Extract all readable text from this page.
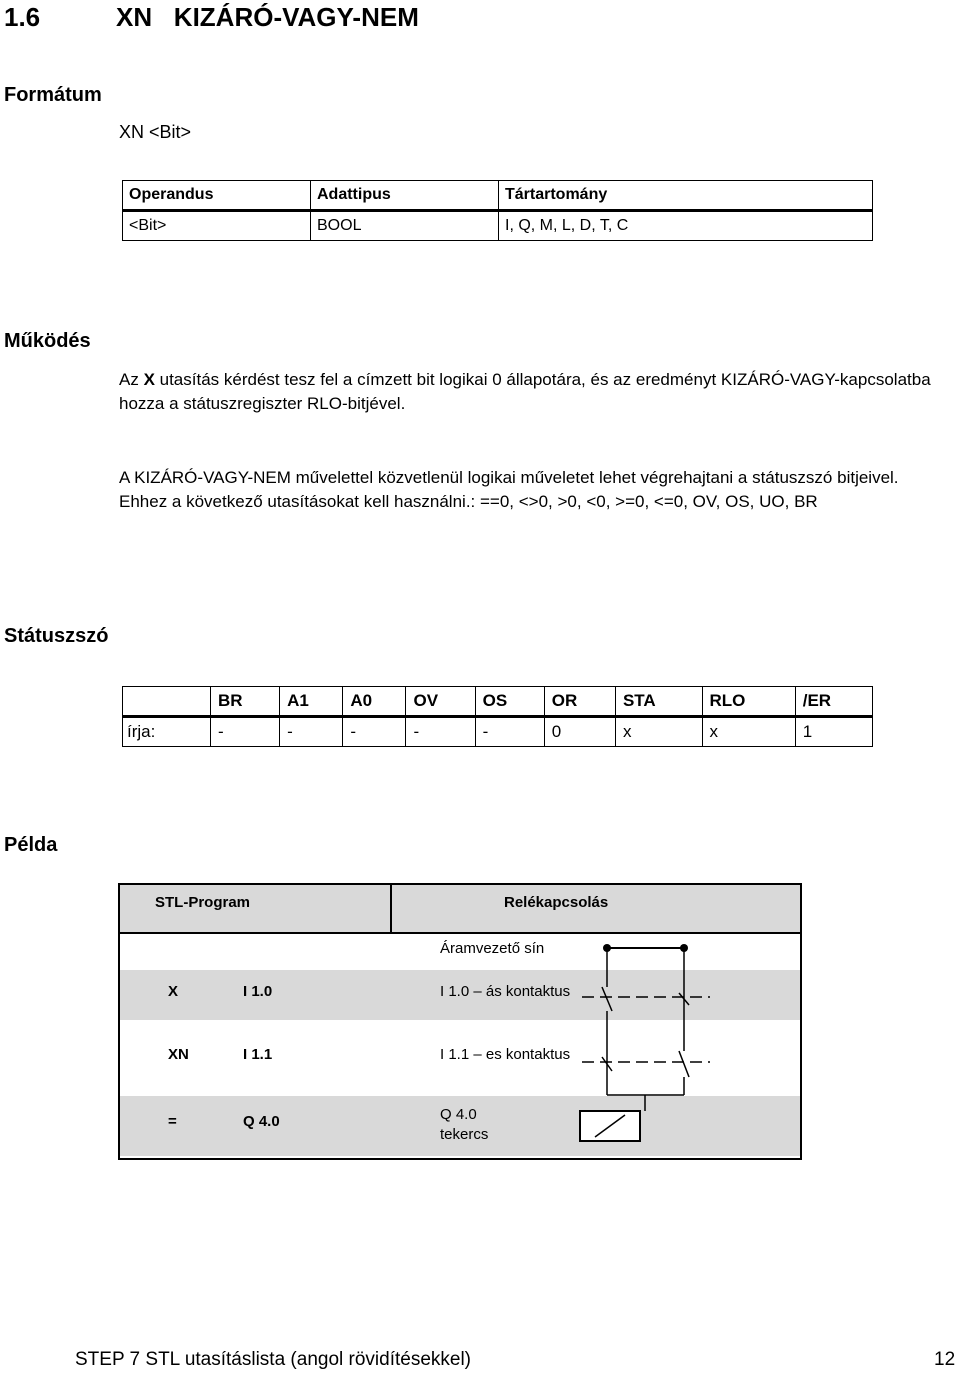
1.6	XN   KIZÁRÓ-VAGY-NEM
Formátum
XN <Bit>
Operandus	Adattipus	Tártartomány
<Bit>	BOOL	I, Q, M, L, D, T, C
Működés
Az X utasítás kérdést tesz fel a címzett bit logikai 0 állapotára, és az eredményt KIZÁRÓ-VAGY-kapcsolatba hozza a státuszregiszter RLO-bitjével.
A KIZÁRÓ-VAGY-NEM művelettel közvetlenül logikai műveletet lehet végrehajtani a státuszszó bitjeivel. Ehhez a következő utasításokat kell használni.: ==0, <>0, >0, <0, >=0, <=0, OV, OS, UO, BR
Státuszszó
	BR	A1	A0	OV	OS	OR	STA	RLO	/ER
írja:	-	-	-	-	-	0	x	x	1
Példa
STL-Program	Relékapcsolás
Áramvezető sín
X	I 1.0	I 1.0 – ás kontaktus
XN	I 1.1	I 1.1 – es kontaktus
=	Q 4.0	Q 4.0
tekercs
STEP 7 STL utasításlista (angol rövidítésekkel)	12
